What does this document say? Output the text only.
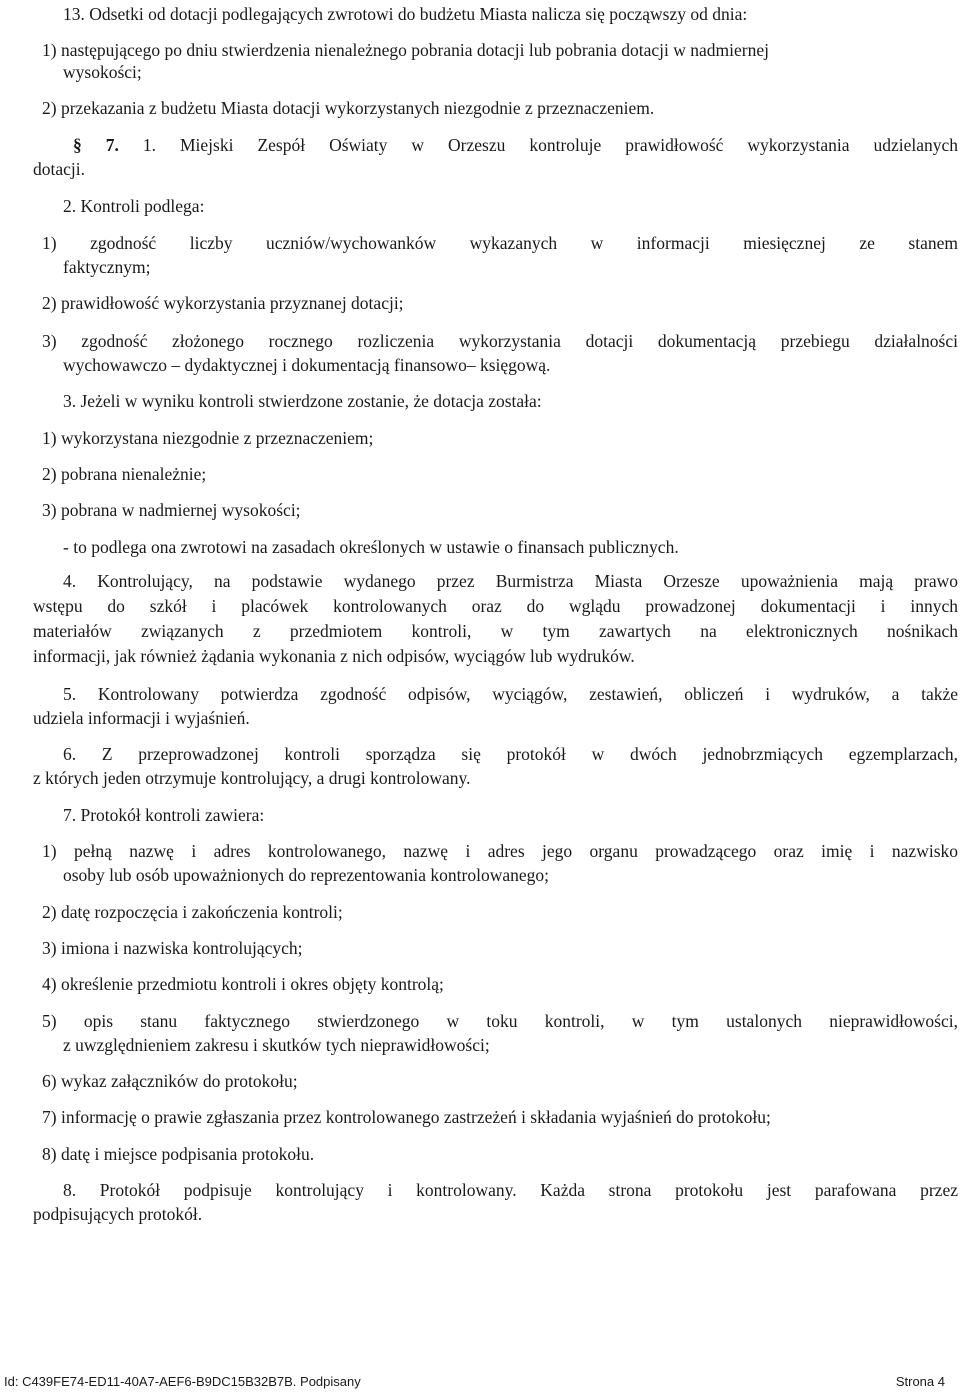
13. Odsetki od dotacji podlegających zwrotowi do budżetu Miasta nalicza się począwszy od dnia:
1) następującego po dniu stwierdzenia nienależnego pobrania dotacji lub pobrania dotacji w nadmiernej
wysokości;
2) przekazania z budżetu Miasta dotacji wykorzystanych niezgodnie z przeznaczeniem.
§ 7. 1. Miejski Zespół Oświaty w Orzeszu kontroluje prawidłowość wykorzystania udzielanych
dotacji.
2. Kontroli podlega:
1) zgodność liczby uczniów/wychowanków wykazanych w informacji miesięcznej ze stanem
faktycznym;
2) prawidłowość wykorzystania przyznanej dotacji;
3) zgodność złożonego rocznego rozliczenia wykorzystania dotacji dokumentacją przebiegu działalności
wychowawczo – dydaktycznej i dokumentacją finansowo– księgową.
3. Jeżeli w wyniku kontroli stwierdzone zostanie, że dotacja została:
1) wykorzystana niezgodnie z przeznaczeniem;
2) pobrana nienależnie;
3) pobrana w nadmiernej wysokości;
- to podlega ona zwrotowi na zasadach określonych w ustawie o finansach publicznych.
4. Kontrolujący, na podstawie wydanego przez Burmistrza Miasta Orzesze upoważnienia mają prawo
wstępu do szkół i placówek kontrolowanych oraz do wglądu prowadzonej dokumentacji i innych
materiałów związanych z przedmiotem kontroli, w tym zawartych na elektronicznych nośnikach
informacji, jak również żądania wykonania z nich odpisów, wyciągów lub wydruków.
5. Kontrolowany potwierdza zgodność odpisów, wyciągów, zestawień, obliczeń i wydruków, a także
udziela informacji i wyjaśnień.
6. Z przeprowadzonej kontroli sporządza się protokół w dwóch jednobrzmiących egzemplarzach,
z których jeden otrzymuje kontrolujący, a drugi kontrolowany.
7. Protokół kontroli zawiera:
1) pełną nazwę i adres kontrolowanego, nazwę i adres jego organu prowadzącego oraz imię i nazwisko
osoby lub osób upoważnionych do reprezentowania kontrolowanego;
2) datę rozpoczęcia i zakończenia kontroli;
3) imiona i nazwiska kontrolujących;
4) określenie przedmiotu kontroli i okres objęty kontrolą;
5) opis stanu faktycznego stwierdzonego w toku kontroli, w tym ustalonych nieprawidłowości,
z uwzględnieniem zakresu i skutków tych nieprawidłowości;
6) wykaz załączników do protokołu;
7) informację o prawie zgłaszania przez kontrolowanego zastrzeżeń i składania wyjaśnień do protokołu;
8) datę i miejsce podpisania protokołu.
8. Protokół podpisuje kontrolujący i kontrolowany. Każda strona protokołu jest parafowana przez
podpisujących protokół.
Id: C439FE74-ED11-40A7-AEF6-B9DC15B32B7B. Podpisany	Strona 4
